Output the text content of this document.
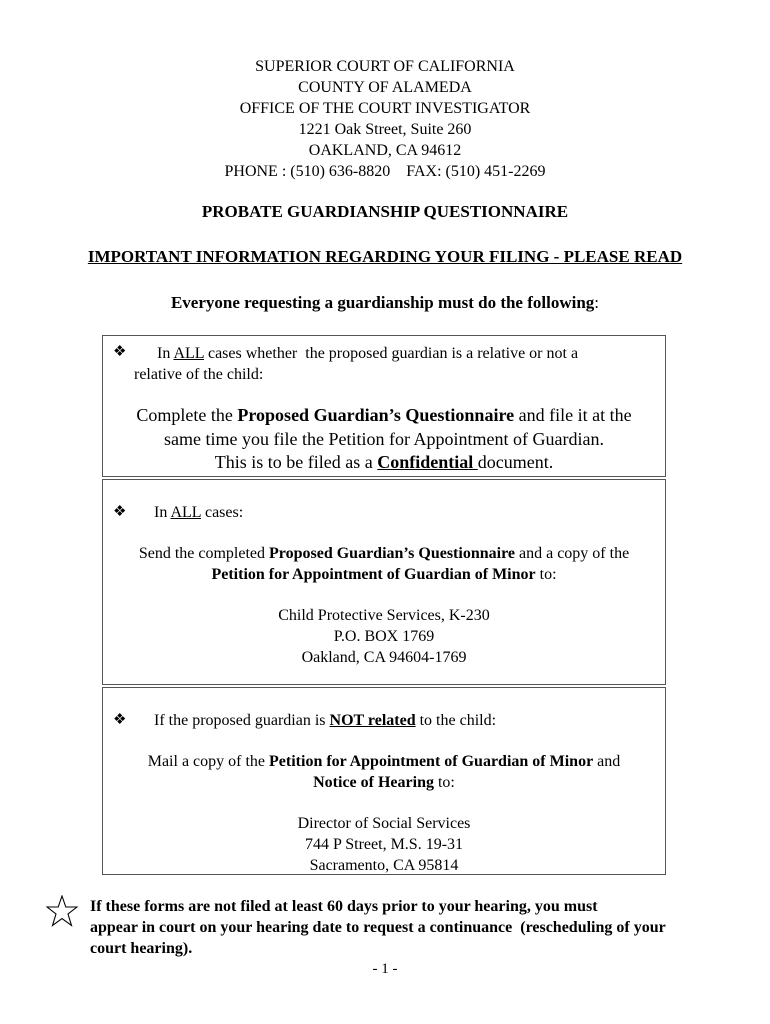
SUPERIOR COURT OF CALIFORNIA
COUNTY OF ALAMEDA
OFFICE OF THE COURT INVESTIGATOR
1221 Oak Street, Suite 260
OAKLAND, CA 94612
PHONE : (510) 636-8820    FAX: (510) 451-2269
PROBATE GUARDIANSHIP QUESTIONNAIRE
IMPORTANT INFORMATION REGARDING YOUR FILING - PLEASE READ
Everyone requesting a guardianship must do the following:
❖ In ALL cases whether  the proposed guardian is a relative or not a
relative of the child:
Complete the Proposed Guardian’s Questionnaire and file it at the
same time you file the Petition for Appointment of Guardian.
This is to be filed as a Confidential document.
❖ In ALL cases:
Send the completed Proposed Guardian’s Questionnaire and a copy of the
Petition for Appointment of Guardian of Minor to:
Child Protective Services, K-230
P.O. BOX 1769
Oakland, CA 94604-1769
❖ If the proposed guardian is NOT related to the child:
Mail a copy of the Petition for Appointment of Guardian of Minor and
Notice of Hearing to:
Director of Social Services
744 P Street, M.S. 19-31
Sacramento, CA 95814
If these forms are not filed at least 60 days prior to your hearing, you must
appear in court on your hearing date to request a continuance  (rescheduling of your
court hearing).
- 1 -
